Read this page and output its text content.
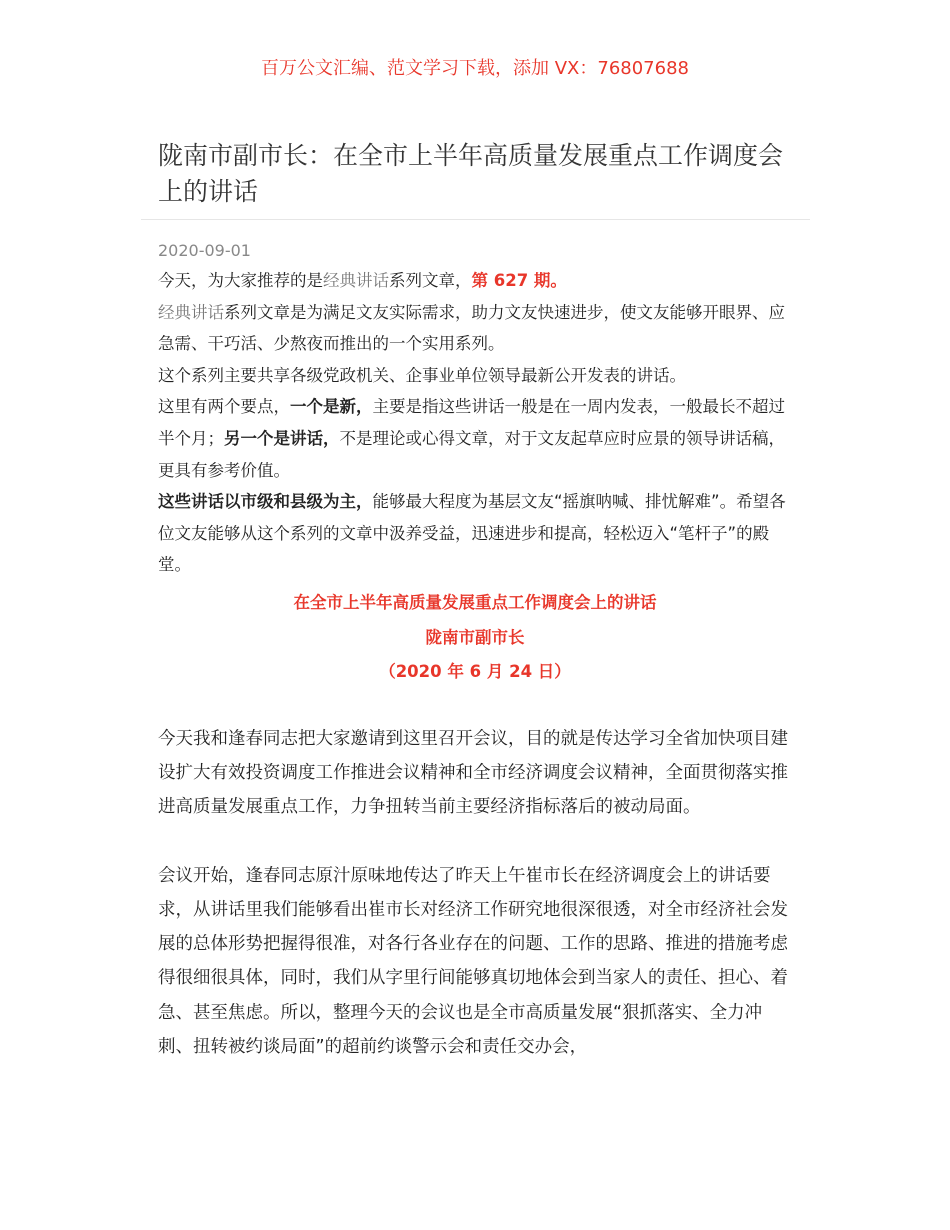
百万公文汇编、范文学习下载，添加 VX：76807688
陇南市副市长：在全市上半年高质量发展重点工作调度会上的讲话
2020-09-01

今天，为大家推荐的是经典讲话系列文章，第 627 期。

经典讲话系列文章是为满足文友实际需求，助力文友快速进步，使文友能够开眼界、应急需、干巧活、少熬夜而推出的一个实用系列。

这个系列主要共享各级党政机关、企事业单位领导最新公开发表的讲话。

这里有两个要点，一个是新，主要是指这些讲话一般是在一周内发表，一般最长不超过半个月；另一个是讲话，不是理论或心得文章，对于文友起草应时应景的领导讲话稿，更具有参考价值。

这些讲话以市级和县级为主，能够最大程度为基层文友“摇旗呐喊、排忧解难”。希望各位文友能够从这个系列的文章中汲养受益，迅速进步和提高，轻松迈入“笔杆子”的殿堂。

在全市上半年高质量发展重点工作调度会上的讲话

陇南市副市长

（2020 年 6 月 24 日）

今天我和逢春同志把大家邀请到这里召开会议，目的就是传达学习全省加快项目建设扩大有效投资调度工作推进会议精神和全市经济调度会议精神，全面贯彻落实推进高质量发展重点工作，力争扭转当前主要经济指标落后的被动局面。

会议开始，逢春同志原汁原味地传达了昨天上午崔市长在经济调度会上的讲话要求，从讲话里我们能够看出崔市长对经济工作研究地很深很透，对全市经济社会发展的总体形势把握得很准，对各行各业存在的问题、工作的思路、推进的措施考虑得很细很具体，同时，我们从字里行间能够真切地体会到当家人的责任、担心、着急、甚至焦虑。所以，整理今天的会议也是全市高质量发展“狠抓落实、全力冲刺、扭转被约谈局面”的超前约谈警示会和责任交办会，
